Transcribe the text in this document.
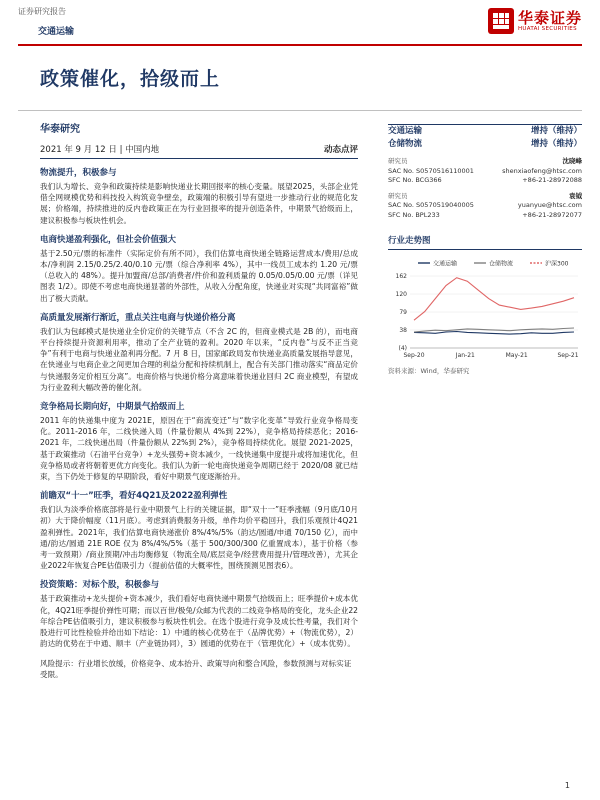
证券研究报告
交通运输
华泰证券
HUATAI SECURITIES
政策催化，拾级而上
华泰研究
2021 年 9 月 12 日 | 中国内地	动态点评
物流提升，积极参与
我们认为增长、竞争和政策持续是影响快递业长期回报率的核心变量。展望2025，头部企业凭借全网规模优势和科技投入构筑竞争壁垒，政策端的积极引导有望进一步推动行业的规范化发展；价格端，持续推进的反内卷政策正在为行业回报率的提升创造条件，中期景气拾级而上，建议积极参与板块性机会。
电商快递盈利强化，但社会价值强大
基于2.50元/票的标准件（实际定价有所不同），我们估算电商快递全链路运营成本/费用/总成本/净利润 2.15/0.25/2.40/0.10 元/票（综合净利率 4%），其中一线员工成本约 1.20 元/票（总收入的 48%）。提升加盟商/总部/消费者/件价和盈利质量的 0.05/0.05/0.00 元/票（详见图表 1/2）。即使不考虑电商快递显著的外部性，从收入分配角度，快递业对实现“共同富裕”做出了极大贡献。
高质量发展渐行渐近，重点关注电商与快递价格分离
我们认为包邮模式是快递业全价定价的关键节点（不含 2C 的，但商业模式是 2B 的），而电商平台持续提升资源利用率，推动了全产业链的盈利。2020 年以来，“反内卷”与反不正当竞争”有利于电商与快递业盈利再分配。7 月 8 日，国家邮政局发布快递业高质量发展指导意见，在快递业与电商企业之间更加合理的利益分配和持续机制上，配合有关部门推动落实“商品定价与快递服务定价相互分离”。电商价格与快递价格分离意味着快递业回归 2C 商业模型，有望成为行业盈利大幅改善的催化剂。
竞争格局长期向好，中期景气拾级而上
2011 年的快递集中度为 2021E，原因在于“商流变迁”与“数字化变革”导致行业竞争格局变化。2011-2016 年，二线快递入局（件量份额从 4%到 22%），竞争格局持续恶化；2016-2021 年，二线快递出局（件量份额从 22%到 2%），竞争格局持续优化。展望 2021-2025，基于政策推动（石油平台竞争）+龙头强势+资本减少，一线快递集中度提升或将加速优化，但竞争格局或者将朝着更优方向变化。我们认为新一轮电商快递竞争周期已经于 2020/08 就已结束，当下仍处于修复的早期阶段，看好中期景气度逐渐抬升。
前瞻双“十一”旺季，看好4Q21及2022盈利弹性
我们认为淡季价格底部将是行业中期景气上行的关键证据，即“双十一”旺季涨幅（9月底/10月初）大于降价幅度（11月底）。考虑到消费服务升级，单件均价平稳回升，我们乐观预计4Q21盈利弹性。2021年，我们估算电商快递涨价 8%/4%/5%（韵达/圆通/申通 70/150 亿），而中通/韵达/圆通 21E ROE 仅为 8%/4%/5%（基于 500/300/300 亿重置成本），基于价格（参考一致预期）/商业预期/冲击均衡修复（物流全局/底层竞争/经营费用提升/管理改善），尤其企业2022年恢复合PE估值吸引力（提前估值的大概率性，围绕预测见图表6）。
投资策略：对标个股，积极参与
基于政策推动+龙头提价+资本减少，我们看好电商快递中期景气拾级而上；旺季提价+成本优化，4Q21旺季提价弹性可期；而以百世/极兔/众邮为代表的二线竞争格局的变化，龙头企业22年综合PE估值吸引力，建议积极参与板块性机会。在选个股进行竞争及成长性考量，我们对个股进行可比性检验并给出如下结论：1）中通的核心优势在于（品牌优势）+（物流优势），2）韵达的优势在于中通、顺丰（产业链协同），3）圆通的优势在于（管理优化）+（成本优势）。
风险提示：行业增长放缓，价格竞争、成本抬升、政策导向和整合风险，参数预测与对标实证受限。
交通运输	增持（维持）
仓储物流	增持（维持）
研究员	沈晓峰
SAC No. S0570516110001	shenxiaofeng@htsc.com
SFC No. BCG366	+86-21-28972088
研究员	袁钺
SAC No. S0570519040005	yuanyue@htsc.com
SFC No. BPL233	+86-21-28972077
行业走势图
交通运输	仓储物流	沪深300
162
120
79
38
(4)
Sep-20	Jan-21	May-21	Sep-21
资料来源：Wind，华泰研究
1
